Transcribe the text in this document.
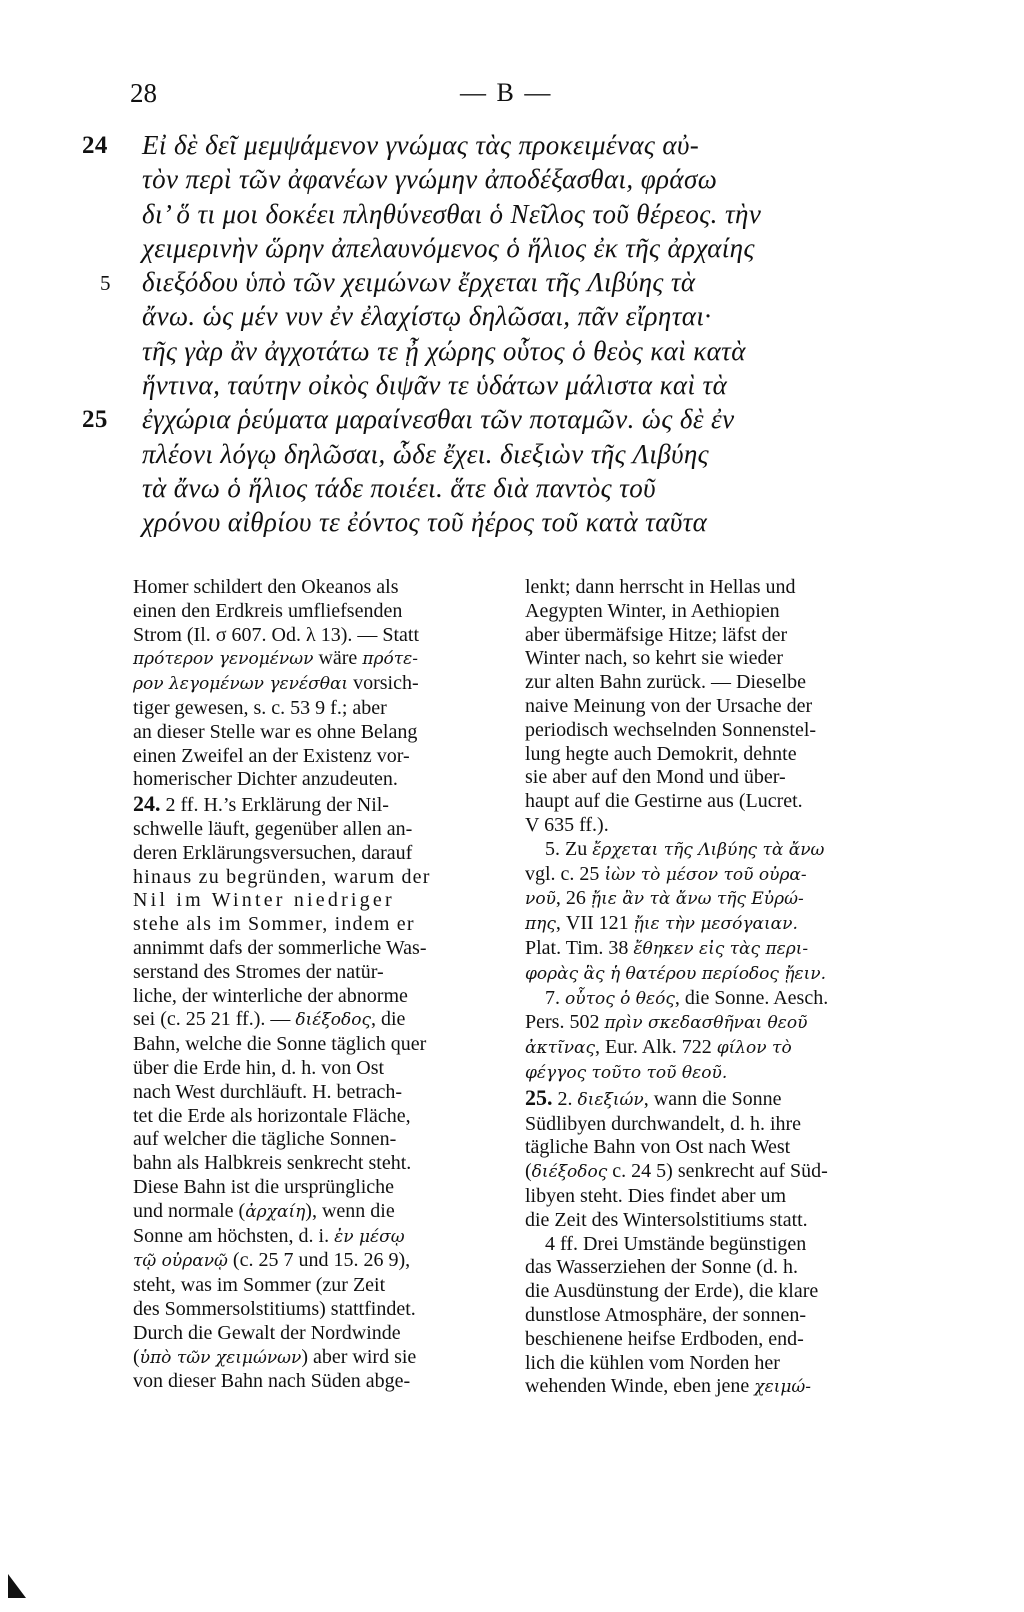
28	— B —
24 Εἰ δὲ δεῖ μεμψάμενον γνώμας τὰς προκειμένας αὐ-
τὸν περὶ τῶν ἀφανέων γνώμην ἀποδέξασθαι, φράσω
δι’ ὅ τι μοι δοκέει πληθύνεσθαι ὁ Νεῖλος τοῦ θέρεος. τὴν
χειμερινὴν ὥρην ἀπελαυνόμενος ὁ ἥλιος ἐκ τῆς ἀρχαίης
5 διεξόδου ὑπὸ τῶν χειμώνων ἔρχεται τῆς Λιβύης τὰ
ἄνω. ὡς μέν νυν ἐν ἐλαχίστῳ δηλῶσαι, πᾶν εἴρηται·
τῆς γὰρ ἂν ἀγχοτάτω τε ᾖ χώρης οὗτος ὁ θεὸς καὶ κατὰ
ἥντινα, ταύτην οἰκὸς διψᾶν τε ὑδάτων μάλιστα καὶ τὰ
25 ἐγχώρια ῥεύματα μαραίνεσθαι τῶν ποταμῶν. ὡς δὲ ἐν
πλέονι λόγῳ δηλῶσαι, ὧδε ἔχει. διεξιὼν τῆς Λιβύης
τὰ ἄνω ὁ ἥλιος τάδε ποιέει. ἅτε διὰ παντὸς τοῦ
χρόνου αἰθρίου τε ἐόντος τοῦ ἠέρος τοῦ κατὰ ταῦτα
Homer schildert den Okeanos als
einen den Erdkreis umfliefsenden
Strom (Il. σ 607. Od. λ 13). — Statt
πρότερον γενομένων wäre πρότε-
ρον λεγομένων γενέσθαι vorsich-
tiger gewesen, s. c. 53 9 f.; aber
an dieser Stelle war es ohne Belang
einen Zweifel an der Existenz vor-
homerischer Dichter anzudeuten.
24. 2 ff. H.’s Erklärung der Nil-
schwelle läuft, gegenüber allen an-
deren Erklärungsversuchen, darauf
hinaus zu begründen, warum der
Nil im Winter niedriger
stehe als im Sommer, indem er
annimmt dafs der sommerliche Was-
serstand des Stromes der natür-
liche, der winterliche der abnorme
sei (c. 25 21 ff.). — διέξοδος, die
Bahn, welche die Sonne täglich quer
über die Erde hin, d. h. von Ost
nach West durchläuft. H. betrach-
tet die Erde als horizontale Fläche,
auf welcher die tägliche Sonnen-
bahn als Halbkreis senkrecht steht.
Diese Bahn ist die ursprüngliche
und normale (ἀρχαίη), wenn die
Sonne am höchsten, d. i. ἐν μέσῳ
τῷ οὐρανῷ (c. 25 7 und 15. 26 9),
steht, was im Sommer (zur Zeit
des Sommersolstitiums) stattfindet.
Durch die Gewalt der Nordwinde
(ὑπὸ τῶν χειμώνων) aber wird sie
von dieser Bahn nach Süden abge-
lenkt; dann herrscht in Hellas und
Aegypten Winter, in Aethiopien
aber übermäfsige Hitze; läfst der
Winter nach, so kehrt sie wieder
zur alten Bahn zurück. — Dieselbe
naive Meinung von der Ursache der
periodisch wechselnden Sonnenstel-
lung hegte auch Demokrit, dehnte
sie aber auf den Mond und über-
haupt auf die Gestirne aus (Lucret.
V 635 ff.).
5. Zu ἔρχεται τῆς Λιβύης τὰ ἄνω
vgl. c. 25 ἰὼν τὸ μέσον τοῦ οὐρα-
νοῦ, 26 ᾔιε ἂν τὰ ἄνω τῆς Εὐρώ-
πης, VII 121 ᾔιε τὴν μεσόγαιαν.
Plat. Tim. 38 ἔθηκεν εἰς τὰς περι-
φορὰς ἃς ἡ θατέρου περίοδος ᾔειν.
7. οὗτος ὁ θεός, die Sonne. Aesch.
Pers. 502 πρὶν σκεδασθῆναι θεοῦ
ἀκτῖνας, Eur. Alk. 722 φίλον τὸ
φέγγος τοῦτο τοῦ θεοῦ.
25. 2. διεξιών, wann die Sonne
Südlibyen durchwandelt, d. h. ihre
tägliche Bahn von Ost nach West
(διέξοδος c. 24 5) senkrecht auf Süd-
libyen steht. Dies findet aber um
die Zeit des Wintersolstitiums statt.
4 ff. Drei Umstände begünstigen
das Wasserziehen der Sonne (d. h.
die Ausdünstung der Erde), die klare
dunstlose Atmosphäre, der sonnen-
beschienene heifse Erdboden, end-
lich die kühlen vom Norden her
wehenden Winde, eben jene χειμώ-
